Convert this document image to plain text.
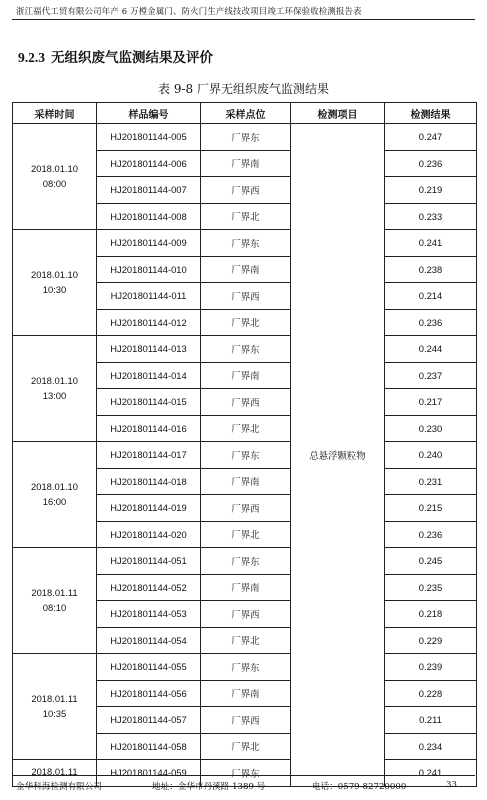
浙江福代工贸有限公司年产 6 万樘金属门、防火门生产线技改项目竣工环保验收检测报告表
9.2.3 无组织废气监测结果及评价
表 9-8 厂界无组织废气监测结果
采样时间	样品编号	采样点位	检测项目	检测结果

2018.01.10
08:00	HJ201801144-005	厂界东	总悬浮颗粒物	0.247
	HJ201801144-006	厂界南		0.236
	HJ201801144-007	厂界西		0.219
	HJ201801144-008	厂界北		0.233

2018.01.10
10:30	HJ201801144-009	厂界东		0.241
	HJ201801144-010	厂界南		0.238
	HJ201801144-011	厂界西		0.214
	HJ201801144-012	厂界北		0.236

2018.01.10
13:00	HJ201801144-013	厂界东		0.244
	HJ201801144-014	厂界南		0.237
	HJ201801144-015	厂界西		0.217
	HJ201801144-016	厂界北		0.230

2018.01.10
16:00	HJ201801144-017	厂界东		0.240
	HJ201801144-018	厂界南		0.231
	HJ201801144-019	厂界西		0.215
	HJ201801144-020	厂界北		0.236

2018.01.11
08:10	HJ201801144-051	厂界东		0.245
	HJ201801144-052	厂界南		0.235
	HJ201801144-053	厂界西		0.218
	HJ201801144-054	厂界北		0.229

2018.01.11
10:35	HJ201801144-055	厂界东		0.239
	HJ201801144-056	厂界南		0.228
	HJ201801144-057	厂界西		0.211
	HJ201801144-058	厂界北		0.234

2018.01.11	HJ201801144-059	厂界东		0.241
金华科海检测有限公司	地址：金华市丹溪路 1389 号	电话：0579-82720000	33
